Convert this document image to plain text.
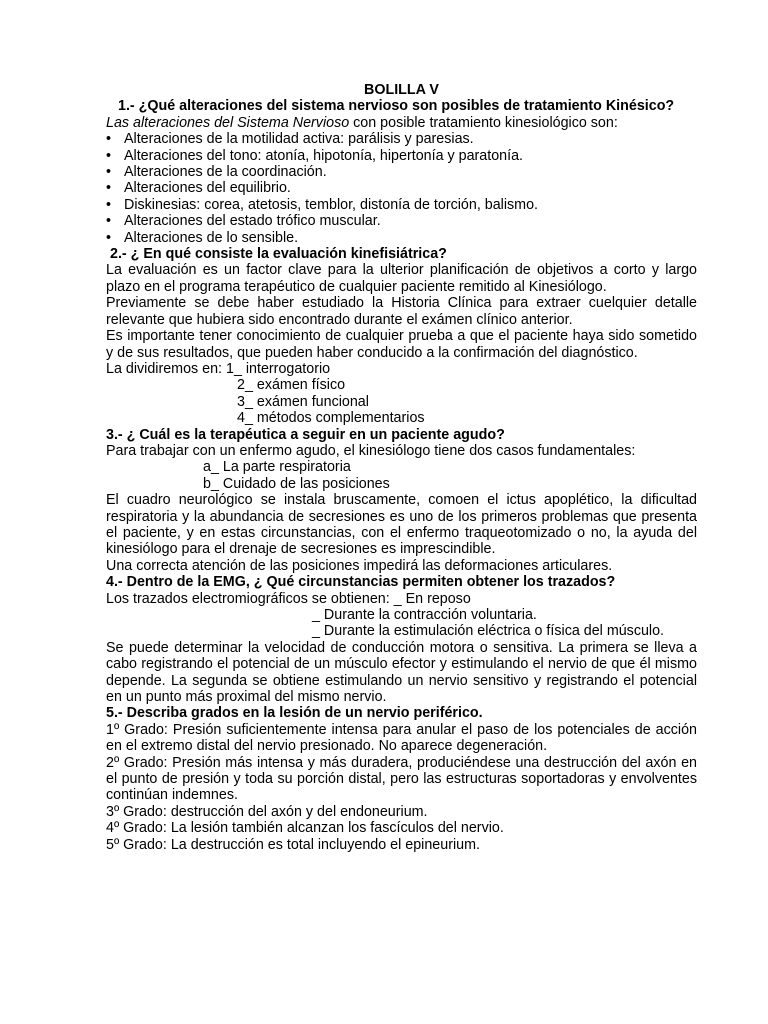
BOLILLA V

1.- ¿Qué alteraciones del sistema nervioso son posibles de tratamiento Kinésico?

Las alteraciones del Sistema Nervioso con posible tratamiento kinesiológico son:

• Alteraciones de la motilidad activa: parálisis y paresias.
• Alteraciones del tono: atonía, hipotonía, hipertonía y paratonía.
• Alteraciones de la coordinación.
• Alteraciones del equilibrio.
• Diskinesias: corea, atetosis, temblor, distonía de torción, balismo.
• Alteraciones del estado trófico muscular.
• Alteraciones de lo sensible.

2.- ¿ En qué consiste la evaluación kinefisiátrica?

La evaluación es un factor clave para la ulterior planificación de objetivos a corto y largo plazo en el programa terapéutico de cualquier paciente remitido al Kinesiólogo.

Previamente se debe haber estudiado la Historia Clínica para extraer cuelquier detalle relevante que hubiera sido encontrado durante el exámen clínico anterior.

Es importante tener conocimiento de cualquier prueba a que el paciente haya sido sometido y de sus resultados, que pueden haber conducido a la confirmación del diagnóstico.

La dividiremos en: 1_ interrogatorio

2_ exámen físico

3_ exámen funcional

4_ métodos complementarios

3.- ¿ Cuál es la terapéutica a seguir en un paciente agudo?

Para trabajar con un enfermo agudo, el kinesiólogo tiene dos casos fundamentales:

a_ La parte respiratoria

b_ Cuidado de las posiciones

El cuadro neurológico se instala bruscamente, comoen el ictus apoplético, la dificultad respiratoria y la abundancia de secresiones es uno de los primeros problemas que presenta el paciente, y en estas circunstancias, con el enfermo traqueotomizado o no, la ayuda del kinesiólogo para el drenaje de secresiones es imprescindible.

Una correcta atención de las posiciones impedirá las deformaciones articulares.

4.- Dentro de la EMG, ¿ Qué circunstancias permiten obtener los trazados?

Los trazados electromiográficos se obtienen: _ En reposo

_ Durante la contracción voluntaria.

_ Durante la estimulación eléctrica o física del músculo.

Se puede determinar la velocidad de conducción motora o sensitiva. La primera se lleva a cabo registrando el potencial de un músculo efector y estimulando el nervio de que él mismo depende. La segunda se obtiene estimulando un nervio sensitivo y registrando el potencial en un punto más proximal del mismo nervio.

5.- Describa grados en la lesión de un nervio periférico.

1º Grado: Presión suficientemente intensa para anular el paso de los potenciales de acción en el extremo distal del nervio presionado. No aparece degeneración.

2º Grado: Presión más intensa y más duradera, produciéndese una destrucción del axón en el punto de presión y toda su porción distal, pero las estructuras soportadoras y envolventes continúan indemnes.

3º Grado: destrucción del axón y del endoneurium.

4º Grado: La lesión también alcanzan los fascículos del nervio.

5º Grado: La destrucción es total incluyendo el epineurium.
